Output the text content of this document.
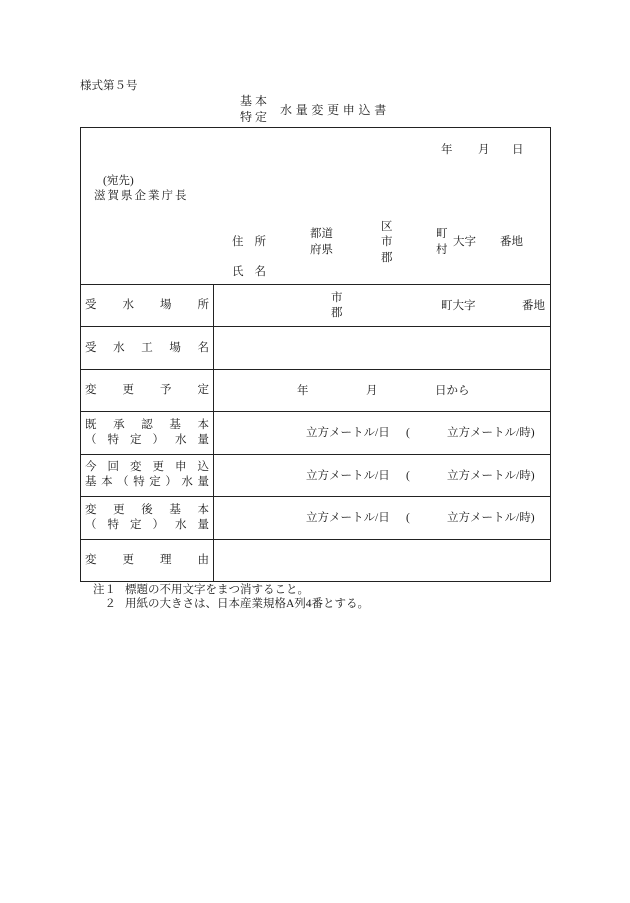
様式第５号
基本
特定 水量変更申込書
年 月 日
(宛先)
滋賀県企業庁長
住 所
都道
府県
区
市
郡
町
村
大字 番地
氏 名
受 水 場 所
市
郡
町大字	番地
受 水 工 場 名
変 更 予 定	年	月	日から
既 承 認 基 本
（ 特 定 ） 水 量
立方メートル/日 (	立方メートル/時)
今 回 変 更 申 込
基 本 （ 特 定 ） 水 量
立方メートル/日 (	立方メートル/時)
変 更 後 基 本
（ 特 定 ） 水 量
立方メートル/日 (	立方メートル/時)
変 更 理 由
注１ 標題の不用文字をまつ消すること。
２ 用紙の大きさは、日本産業規格A列4番とする。
